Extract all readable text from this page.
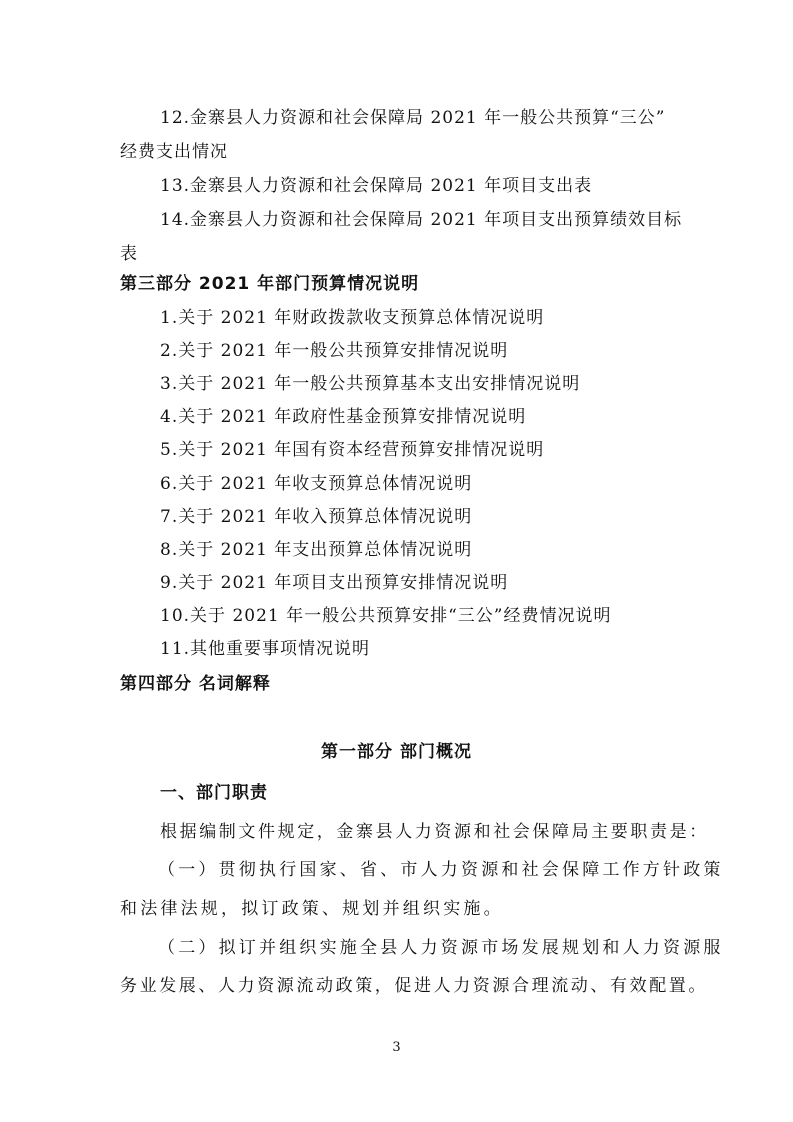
12.金寨县人力资源和社会保障局 2021 年一般公共预算“三公”
经费支出情况
13.金寨县人力资源和社会保障局 2021 年项目支出表
14.金寨县人力资源和社会保障局 2021 年项目支出预算绩效目标
表
第三部分 2021 年部门预算情况说明
1.关于 2021 年财政拨款收支预算总体情况说明
2.关于 2021 年一般公共预算安排情况说明
3.关于 2021 年一般公共预算基本支出安排情况说明
4.关于 2021 年政府性基金预算安排情况说明
5.关于 2021 年国有资本经营预算安排情况说明
6.关于 2021 年收支预算总体情况说明
7.关于 2021 年收入预算总体情况说明
8.关于 2021 年支出预算总体情况说明
9.关于 2021 年项目支出预算安排情况说明
10.关于 2021 年一般公共预算安排“三公”经费情况说明
11.其他重要事项情况说明
第四部分 名词解释
第一部分 部门概况
一、部门职责
根据编制文件规定，金寨县人力资源和社会保障局主要职责是：
（一）贯彻执行国家、省、市人力资源和社会保障工作方针政策
和法律法规，拟订政策、规划并组织实施。
（二）拟订并组织实施全县人力资源市场发展规划和人力资源服
务业发展、人力资源流动政策，促进人力资源合理流动、有效配置。
3
